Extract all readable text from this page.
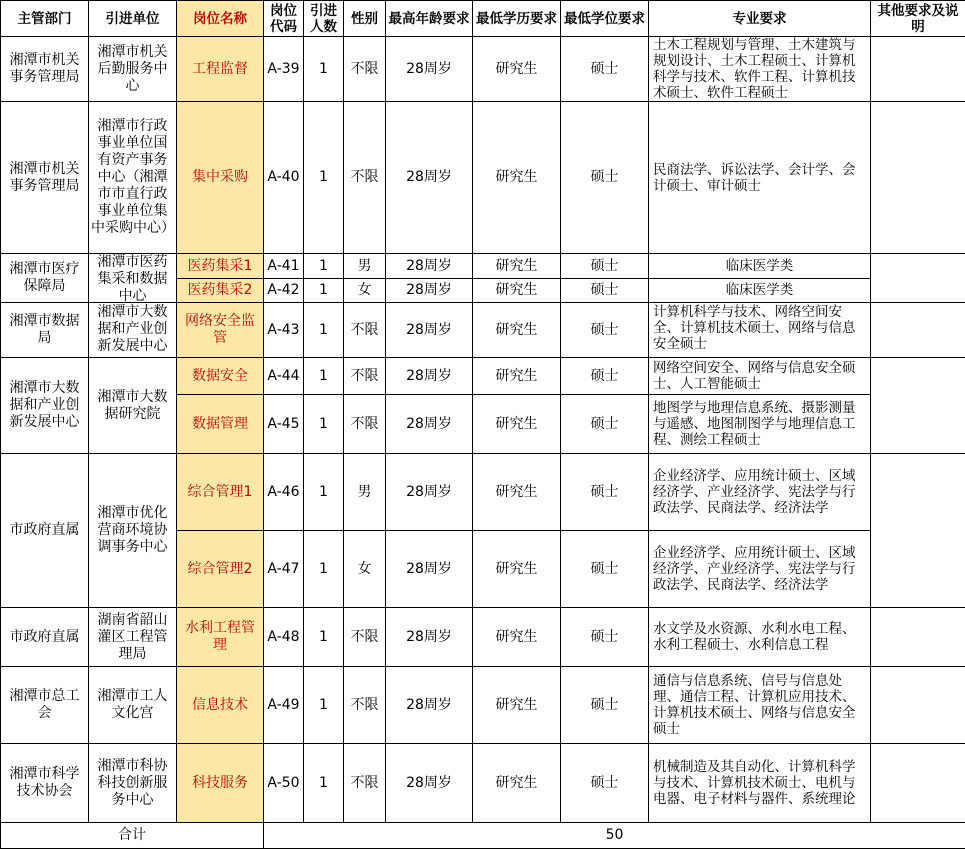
主管部门	引进单位	岗位名称	岗位代码	引进人数	性别	最高年龄要求	最低学历要求	最低学位要求	专业要求	其他要求及说明
湘潭市机关事务管理局	湘潭市机关后勤服务中心	工程监督	A-39	1	不限	28周岁	研究生	硕士	土木工程规划与管理、土木建筑与规划设计、土木工程硕士、计算机科学与技术、软件工程、计算机技术硕士、软件工程硕士	

湘潭市机关事务管理局	湘潭市行政事业单位国有资产事务中心（湘潭市市直行政事业单位集中采购中心）	集中采购	A-40	1	不限	28周岁	研究生	硕士	民商法学、诉讼法学、会计学、会计硕士、审计硕士	
湘潭市医疗保障局	湘潭市医药集采和数据中心	医药集采1	A-41	1	男	28周岁	研究生	硕士	临床医学类	
		医药集采2	A-42	1	女	28周岁	研究生	硕士	临床医学类	
湘潭市数据局	湘潭市大数据和产业创新发展中心	网络安全监管	A-43	1	不限	28周岁	研究生	硕士	计算机科学与技术、网络空间安全、计算机技术硕士、网络与信息安全硕士	

湘潭市大数据和产业创新发展中心	湘潭市大数据研究院	数据安全	A-44	1	不限	28周岁	研究生	硕士	网络空间安全、网络与信息安全硕士、人工智能硕士	
		数据管理	A-45	1	不限	28周岁	研究生	硕士	地图学与地理信息系统、摄影测量与遥感、地图制图学与地理信息工程、测绘工程硕士	
市政府直属	湘潭市优化营商环境协调事务中心	综合管理1	A-46	1	男	28周岁	研究生	硕士	企业经济学、应用统计硕士、区域经济学、产业经济学、宪法学与行政法学、民商法学、经济法学	
		综合管理2	A-47	1	女	28周岁	研究生	硕士	企业经济学、应用统计硕士、区域经济学、产业经济学、宪法学与行政法学、民商法学、经济法学	
市政府直属	湖南省韶山灌区工程管理局	水利工程管理	A-48	1	不限	28周岁	研究生	硕士	水文学及水资源、水利水电工程、水利工程硕士、水利信息工程	
湘潭市总工会	湘潭市工人文化宫	信息技术	A-49	1	不限	28周岁	研究生	硕士	通信与信息系统、信号与信息处理、通信工程、计算机应用技术、计算机技术硕士、网络与信息安全硕士	
湘潭市科学技术协会	湘潭市科协科技创新服务中心	科技服务	A-50	1	不限	28周岁	研究生	硕士	机械制造及其自动化、计算机科学与技术、计算机技术硕士、电机与电器、电子材料与器件、系统理论	
合计			50							
